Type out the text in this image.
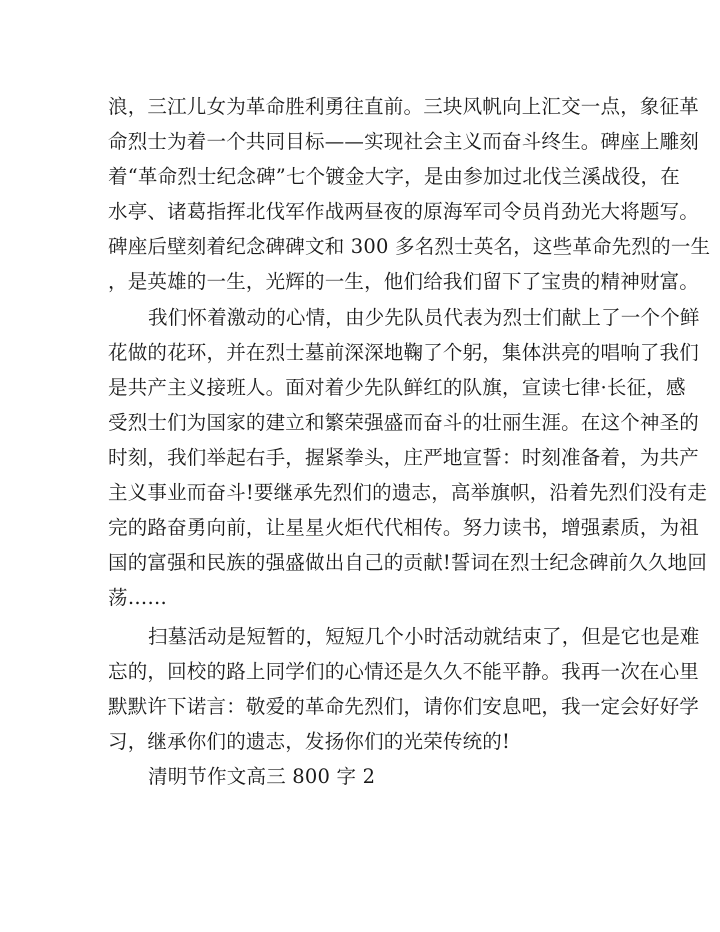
浪，三江儿女为革命胜利勇往直前。三块风帆向上汇交一点，象征革
命烈士为着一个共同目标——实现社会主义而奋斗终生。碑座上雕刻
着“革命烈士纪念碑”七个镀金大字，是由参加过北伐兰溪战役，在
水亭、诸葛指挥北伐军作战两昼夜的原海军司令员肖劲光大将题写。
碑座后壁刻着纪念碑碑文和 300 多名烈士英名，这些革命先烈的一生
，是英雄的一生，光辉的一生，他们给我们留下了宝贵的精神财富。
我们怀着激动的心情，由少先队员代表为烈士们献上了一个个鲜
花做的花环，并在烈士墓前深深地鞠了个躬，集体洪亮的唱响了我们
是共产主义接班人。面对着少先队鲜红的队旗，宣读七律·长征，感
受烈士们为国家的建立和繁荣强盛而奋斗的壮丽生涯。在这个神圣的
时刻，我们举起右手，握紧拳头，庄严地宣誓：时刻准备着，为共产
主义事业而奋斗!要继承先烈们的遗志，高举旗帜，沿着先烈们没有走
完的路奋勇向前，让星星火炬代代相传。努力读书，增强素质，为祖
国的富强和民族的强盛做出自己的贡献!誓词在烈士纪念碑前久久地回
荡……
扫墓活动是短暂的，短短几个小时活动就结束了，但是它也是难
忘的，回校的路上同学们的心情还是久久不能平静。我再一次在心里
默默许下诺言：敬爱的革命先烈们，请你们安息吧，我一定会好好学
习，继承你们的遗志，发扬你们的光荣传统的!
清明节作文高三 800 字 2
